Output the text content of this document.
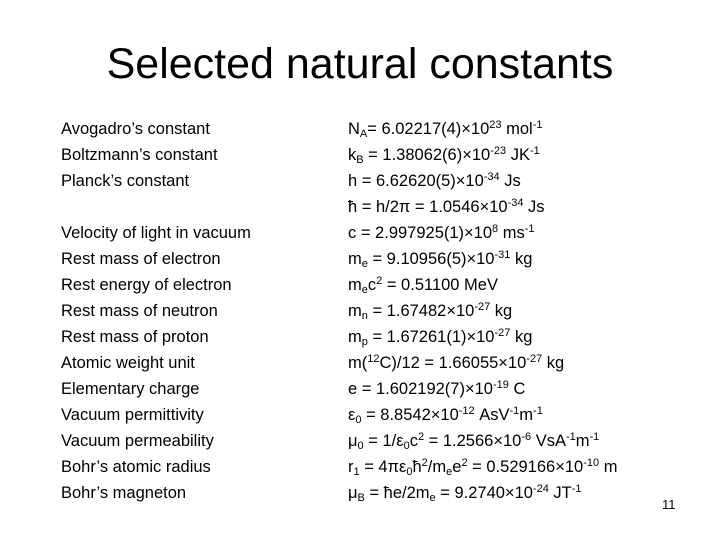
Selected natural constants
Avogadro’s constant
Boltzmann’s constant
Planck’s constant
Velocity of light in vacuum
Rest mass of electron
Rest energy of electron
Rest mass of neutron
Rest mass of proton
Atomic weight unit
Elementary charge
Vacuum permittivity
Vacuum permeability
Bohr’s atomic radius
Bohr’s magneton
$N_A= 6.02217(4)\times 10^{23}$ mol$^{-1}$
$k_B = 1.38062(6)\times 10^{-23}$ $JK^{-1}$
$h = 6.62620(5)\times 10^{-34}$ Js
ħ = $h/2\pi = 1.0546\times 10^{-34}$ Js
$c = 2.997925(1)\times 10^8$ $ms^{-1}$
$m_e = 9.10956(5)\times 10^{-31}$ kg
$m_ec^2 = 0.51100$ MeV
$m_n = 1.67482\times 10^{-27}$ kg
$m_p = 1.67261(1)\times 10^{-27}$ kg
$m(^{12}C)/12 = 1.66055\times 10^{-27}$ kg
$e = 1.602192(7)\times 10^{-19}$ C
$\varepsilon_0 = 8.8542\times 10^{-12}$ $AsV^{-1}m^{-1}$
$\mu_0 = 1/\varepsilon_0c^2 = 1.2566\times 10^{-6}$ $VsA^{-1}m^{-1}$
$r_1$ = $4\pi\varepsilon_0ħ^2/m_ee^2 = 0.529166\times 10^{-10}$ m
$\mu_B$ = $ħe/2m_e = 9.2740\times 10^{-24}$ $JT^{-1}$
11
